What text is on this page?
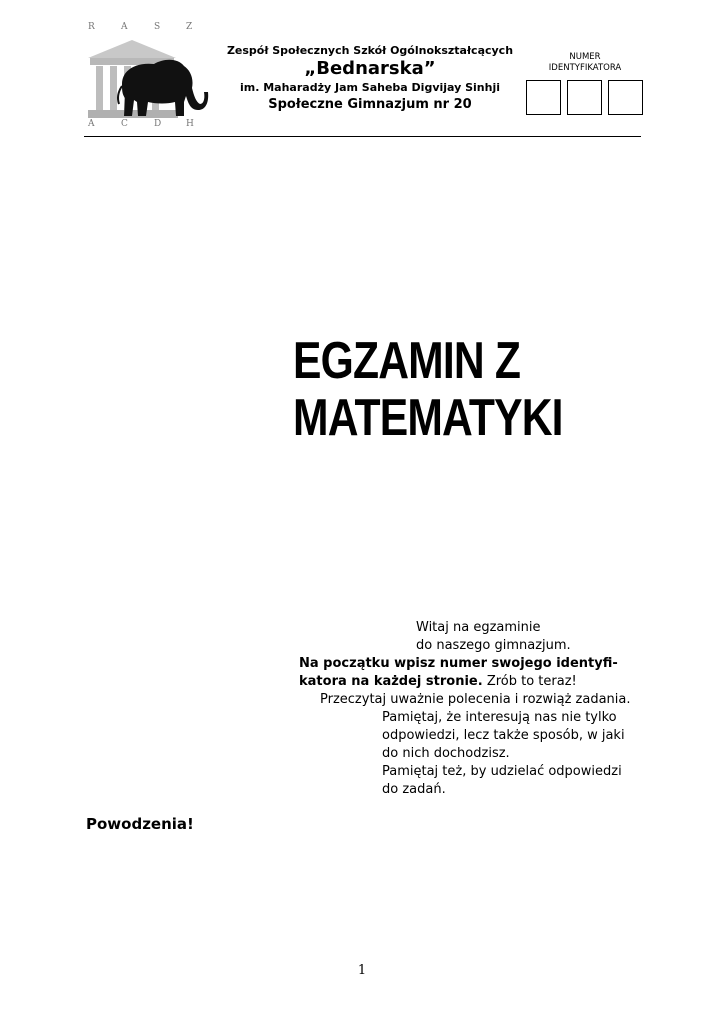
R	A	S	Z
A	C	D	H
Zespół Społecznych Szkół Ogólnokształcących
„Bednarska”
im. Maharadży Jam Saheba Digvijay Sinhji
Społeczne Gimnazjum nr 20
NUMER
IDENTYFIKATORA
EGZAMIN Z
MATEMATYKI
Witaj na egzaminie
do naszego gimnazjum.
Na początku wpisz numer swojego identyfi-
katora na każdej stronie. Zrób to teraz!
Przeczytaj uważnie polecenia i rozwiąż zadania.
Pamiętaj, że interesują nas nie tylko
odpowiedzi, lecz także sposób, w jaki
do nich dochodzisz.
Pamiętaj też, by udzielać odpowiedzi
do zadań.
Powodzenia!
1
